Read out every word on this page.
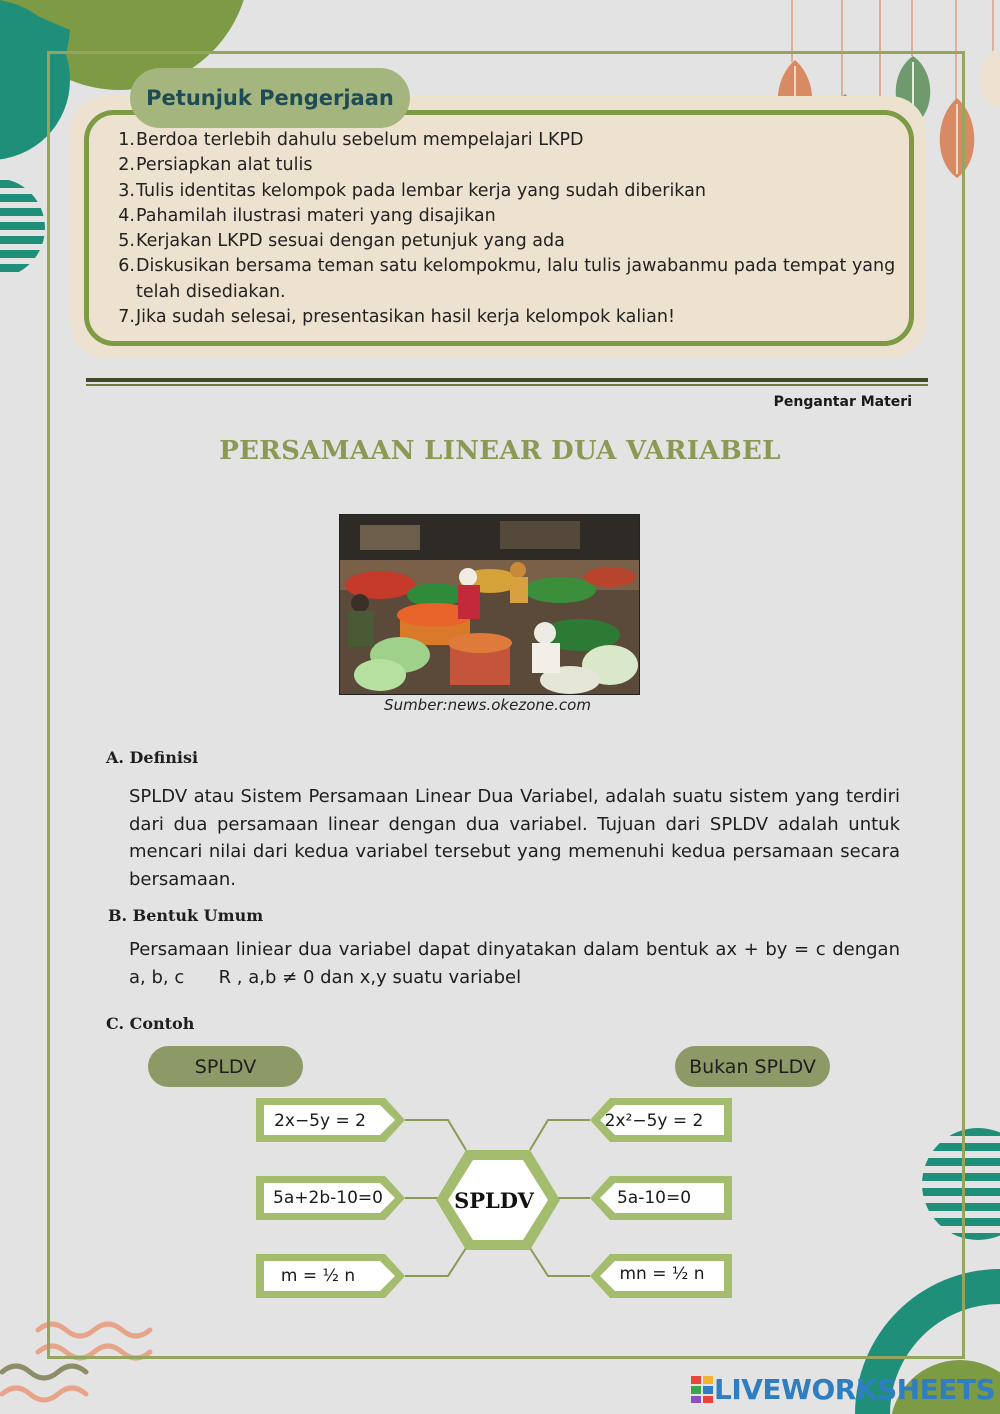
Petunjuk Pengerjaan
1. Berdoa terlebih dahulu sebelum mempelajari LKPD
2. Persiapkan alat tulis
3. Tulis identitas kelompok pada lembar kerja yang sudah diberikan
4. Pahamilah ilustrasi materi yang disajikan
5. Kerjakan LKPD sesuai dengan petunjuk yang ada
6. Diskusikan bersama teman satu kelompokmu, lalu tulis jawabanmu pada tempat yang telah disediakan.
7. Jika sudah selesai, presentasikan hasil kerja kelompok kalian!
Pengantar Materi
PERSAMAAN LINEAR DUA VARIABEL
Sumber:news.okezone.com
A. Definisi
SPLDV atau Sistem Persamaan Linear Dua Variabel, adalah suatu sistem yang terdiri dari dua persamaan linear dengan dua variabel. Tujuan dari SPLDV adalah untuk mencari nilai dari kedua variabel tersebut yang memenuhi kedua persamaan secara bersamaan.
B. Bentuk Umum
Persamaan liniear dua variabel dapat dinyatakan dalam bentuk ax + by = c dengan a, b, c      R , a,b ≠ 0 dan x,y suatu variabel
C. Contoh
SPLDV	Bukan SPLDV
SPLDV
2x−5y = 2
5a+2b-10=0
m = ½ n
2x²−5y = 2
5a-10=0
mn = ½ n
LIVEWORKSHEETS
